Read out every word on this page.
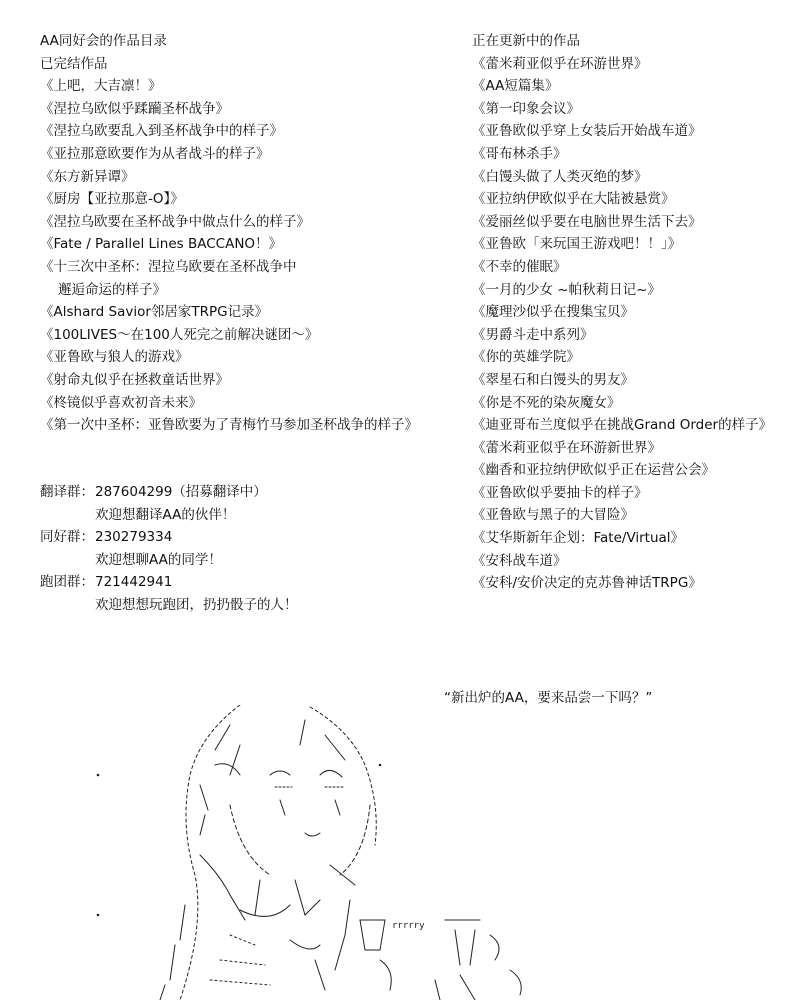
AA同好会的作品目录
已完结作品
《上吧，大吉凛！》
《涅拉乌欧似乎蹂躏圣杯战争》
《涅拉乌欧要乱入到圣杯战争中的样子》
《亚拉那意欧要作为从者战斗的样子》
《东方新异谭》
《厨房【亚拉那意-O】》
《涅拉乌欧要在圣杯战争中做点什么的样子》
《Fate / Parallel Lines BACCANO！》
《十三次中圣杯：涅拉乌欧要在圣杯战争中
邂逅命运的样子》
《Alshard Savior邻居家TRPG记录》
《100LIVES～在100人死完之前解决谜团～》
《亚鲁欧与狼人的游戏》
《射命丸似乎在拯救童话世界》
《柊镜似乎喜欢初音未来》
《第一次中圣杯：亚鲁欧要为了青梅竹马参加圣杯战争的样子》
正在更新中的作品
《蕾米莉亚似乎在环游世界》
《AA短篇集》
《第一印象会议》
《亚鲁欧似乎穿上女装后开始战车道》
《哥布林杀手》
《白馒头做了人类灭绝的梦》
《亚拉纳伊欧似乎在大陆被悬赏》
《爱丽丝似乎要在电脑世界生活下去》
《亚鲁欧「来玩国王游戏吧！！」》
《不幸的催眠》
《一月的少女 ~帕秋莉日记~》
《魔理沙似乎在搜集宝贝》
《男爵斗走中系列》
《你的英雄学院》
《翠星石和白馒头的男友》
《你是不死的染灰魔女》
《迪亚哥布兰度似乎在挑战Grand Order的样子》
《蕾米莉亚似乎在环游新世界》
《幽香和亚拉纳伊欧似乎正在运营公会》
《亚鲁欧似乎要抽卡的样子》
《亚鲁欧与黑子的大冒险》
《艾华斯新年企划：Fate/Virtual》
《安科战车道》
《安科/安价决定的克苏鲁神话TRPG》
翻译群：287604299（招募翻译中）
欢迎想翻译AA的伙伴！
同好群：230279334
欢迎想聊AA的同学！
跑团群：721442941
欢迎想想玩跑团，扔扔骰子的人！
“新出炉的AA，要来品尝一下吗？”
rrrrry
